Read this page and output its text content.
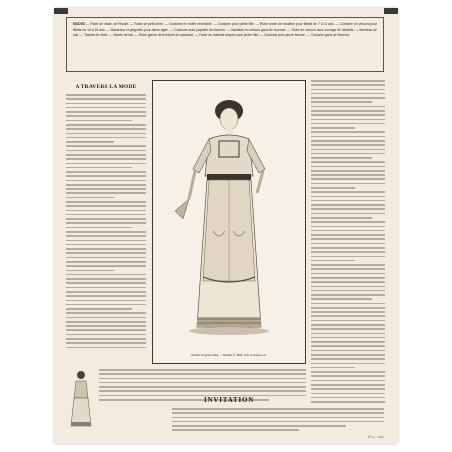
MODES — Robe de visite, de Rivolet. — Robe de petit dîner. — Costume en étoffe réversible. — Costume pour petite fille. — Robe ornée de broderie pour fillette de 7 à 11 ans. — Costume en velours pour fillette de 14 à 16 ans. — Manteaux et peignoirs pour dame âgée. — Costume avec jaquette de fourrure. — Manteau en velours garni de fourrure. — Robe en velours avec corsage de dentelle. — Manteau de soir. — Toilette de dîner. — Bérets de bal. — Robe garnie de broderie de soutache. — Robe de matinée drapée pour jeune fille. — Costume pour jeune femme. — Costume garni de fourrure.
A TRAVERS LA MODE
Modèle de grand dîner. ... Modèle n° 3064. Voir au dessus, etc.
INVITATION
N° 4 — 1911
